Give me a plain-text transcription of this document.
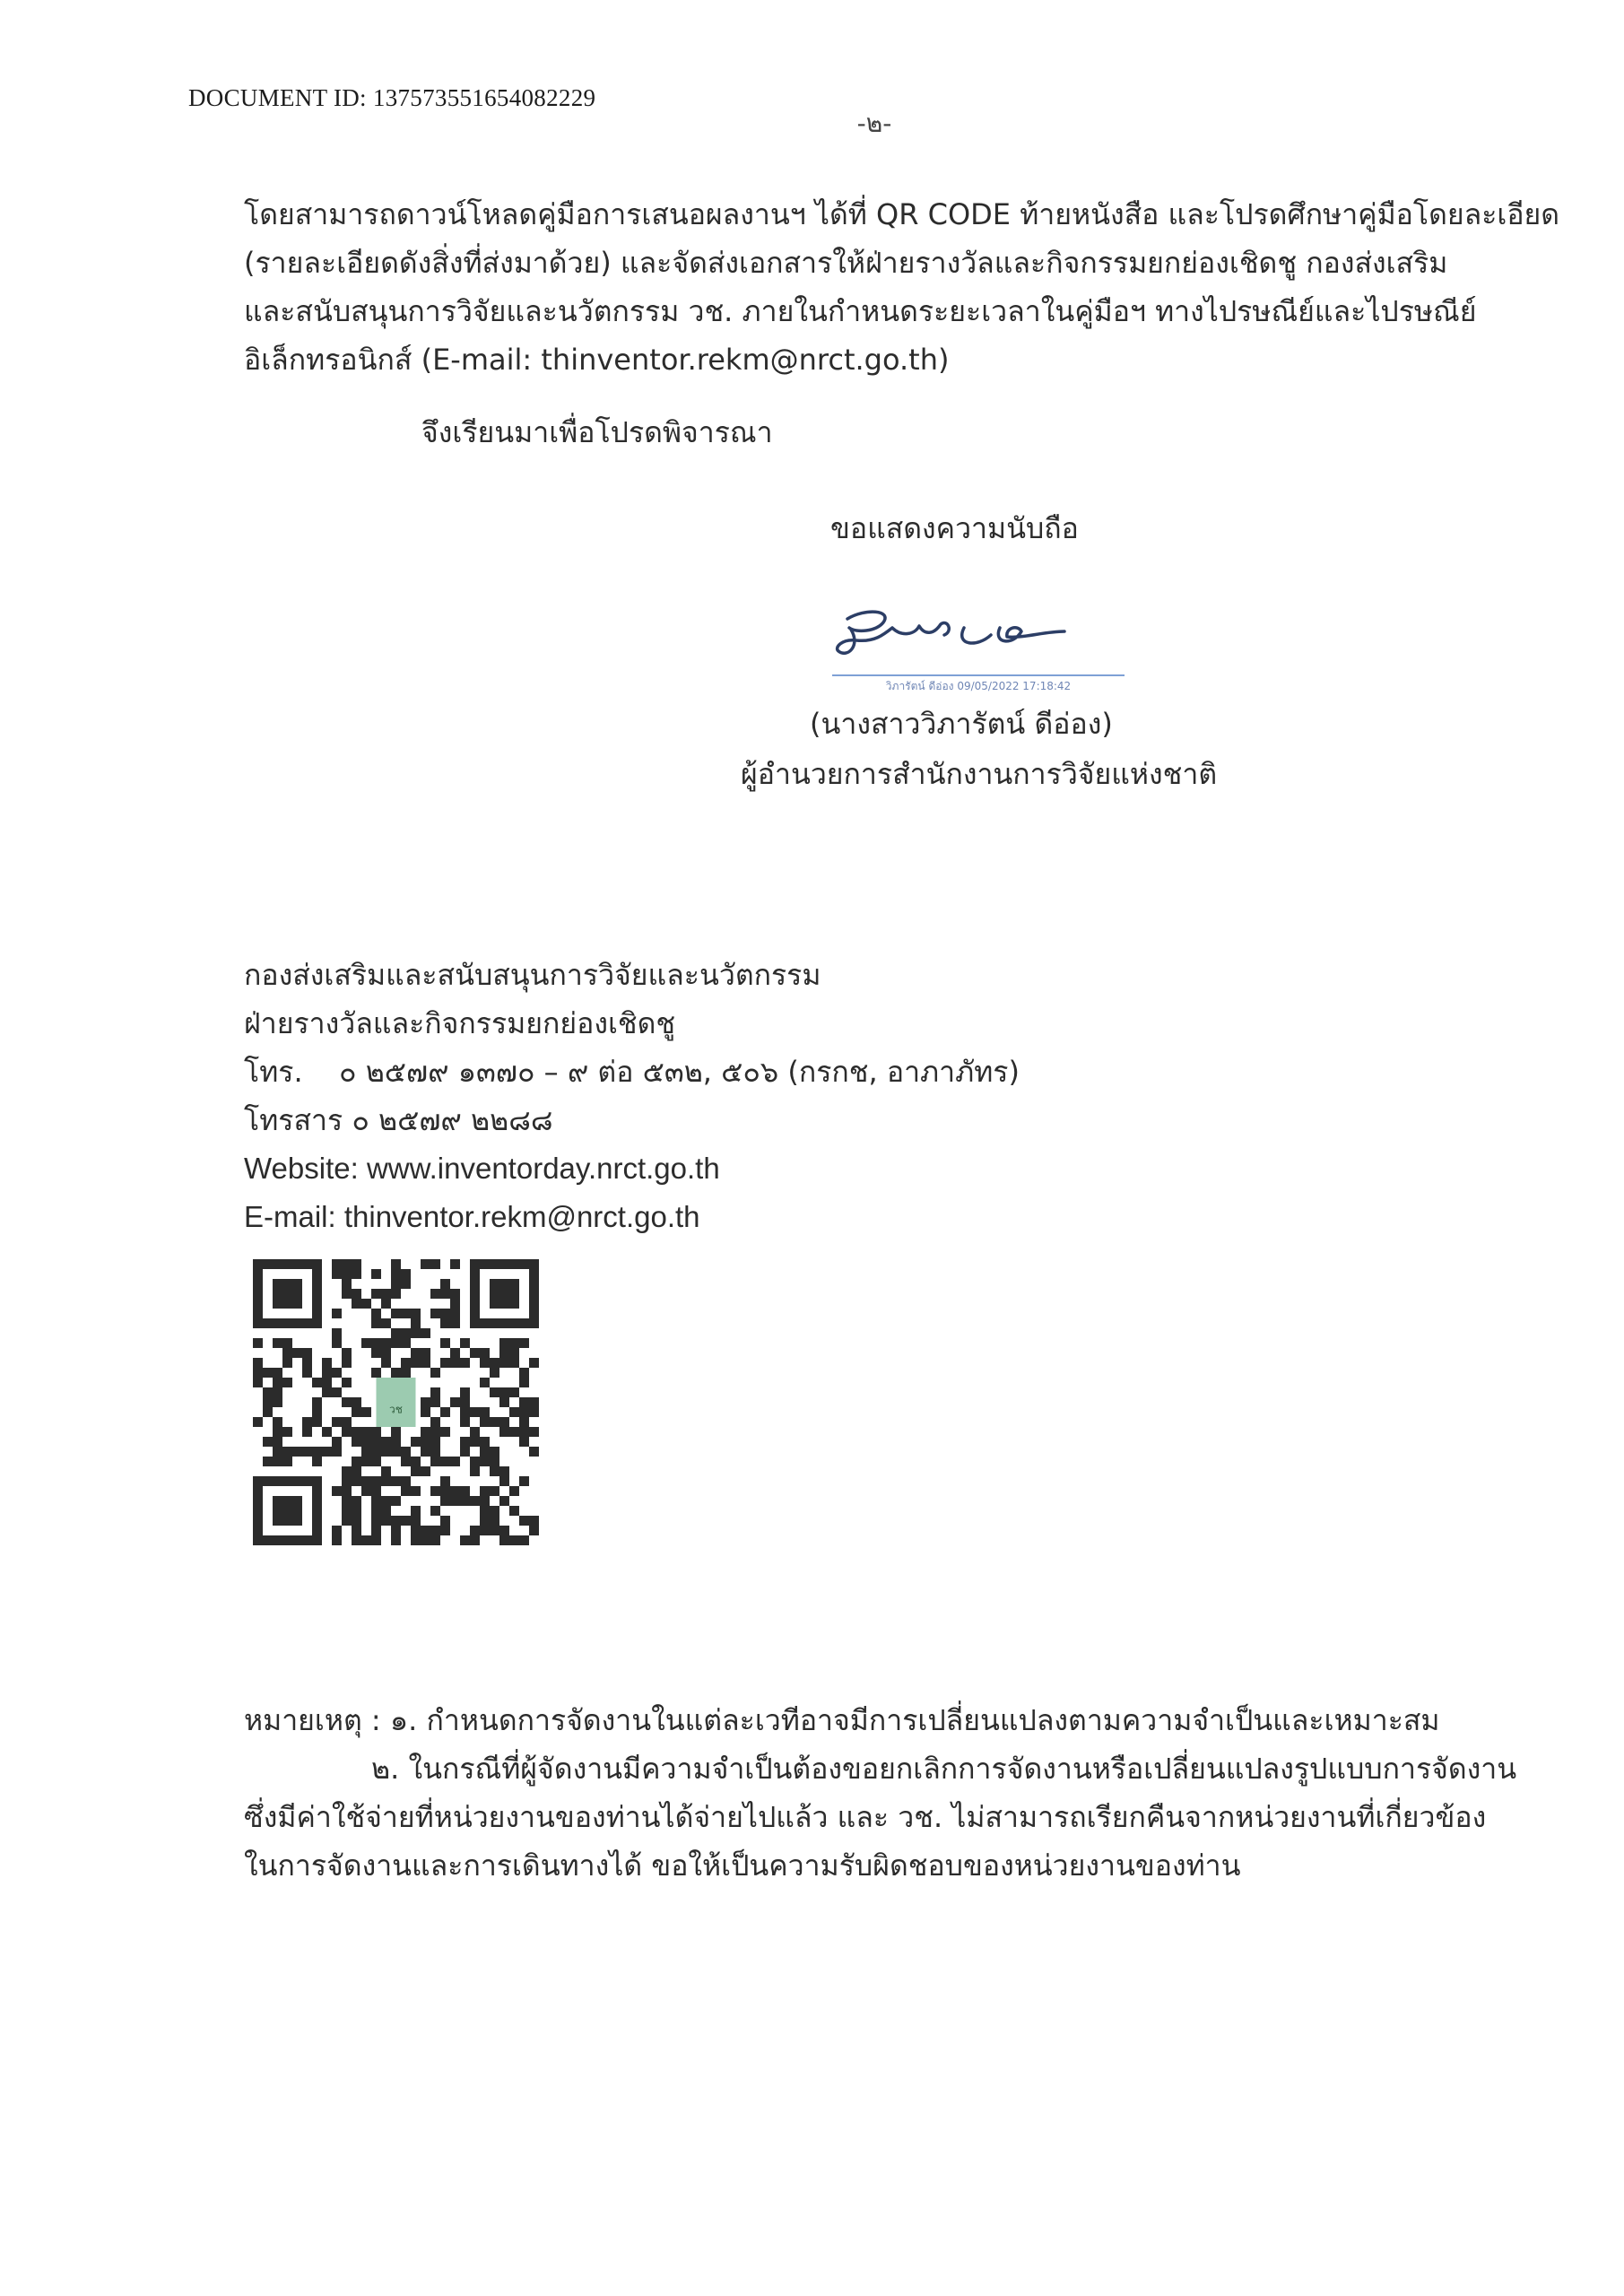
DOCUMENT ID: 137573551654082229
-๒-
โดยสามารถดาวน์โหลดคู่มือการเสนอผลงานฯ ได้ที่ QR CODE ท้ายหนังสือ และโปรดศึกษาคู่มือโดยละเอียด
(รายละเอียดดังสิ่งที่ส่งมาด้วย) และจัดส่งเอกสารให้ฝ่ายรางวัลและกิจกรรมยกย่องเชิดชู กองส่งเสริม
และสนับสนุนการวิจัยและนวัตกรรม วช. ภายในกำหนดระยะเวลาในคู่มือฯ ทางไปรษณีย์และไปรษณีย์
อิเล็กทรอนิกส์ (E-mail: thinventor.rekm@nrct.go.th)
จึงเรียนมาเพื่อโปรดพิจารณา
ขอแสดงความนับถือ
วิภารัตน์ ดีอ่อง 09/05/2022 17:18:42
(นางสาววิภารัตน์ ดีอ่อง)
ผู้อำนวยการสำนักงานการวิจัยแห่งชาติ
กองส่งเสริมและสนับสนุนการวิจัยและนวัตกรรม
ฝ่ายรางวัลและกิจกรรมยกย่องเชิดชู
โทร. ๐ ๒๕๗๙ ๑๓๗๐ – ๙ ต่อ ๕๓๒, ๕๐๖ (กรกช, อาภาภัทร)
โทรสาร ๐ ๒๕๗๙ ๒๒๘๘
Website: www.inventorday.nrct.go.th
E-mail: thinventor.rekm@nrct.go.th
วช
หมายเหตุ : ๑. กำหนดการจัดงานในแต่ละเวทีอาจมีการเปลี่ยนแปลงตามความจำเป็นและเหมาะสม
๒. ในกรณีที่ผู้จัดงานมีความจำเป็นต้องขอยกเลิกการจัดงานหรือเปลี่ยนแปลงรูปแบบการจัดงาน
ซึ่งมีค่าใช้จ่ายที่หน่วยงานของท่านได้จ่ายไปแล้ว และ วช. ไม่สามารถเรียกคืนจากหน่วยงานที่เกี่ยวข้อง
ในการจัดงานและการเดินทางได้ ขอให้เป็นความรับผิดชอบของหน่วยงานของท่าน
